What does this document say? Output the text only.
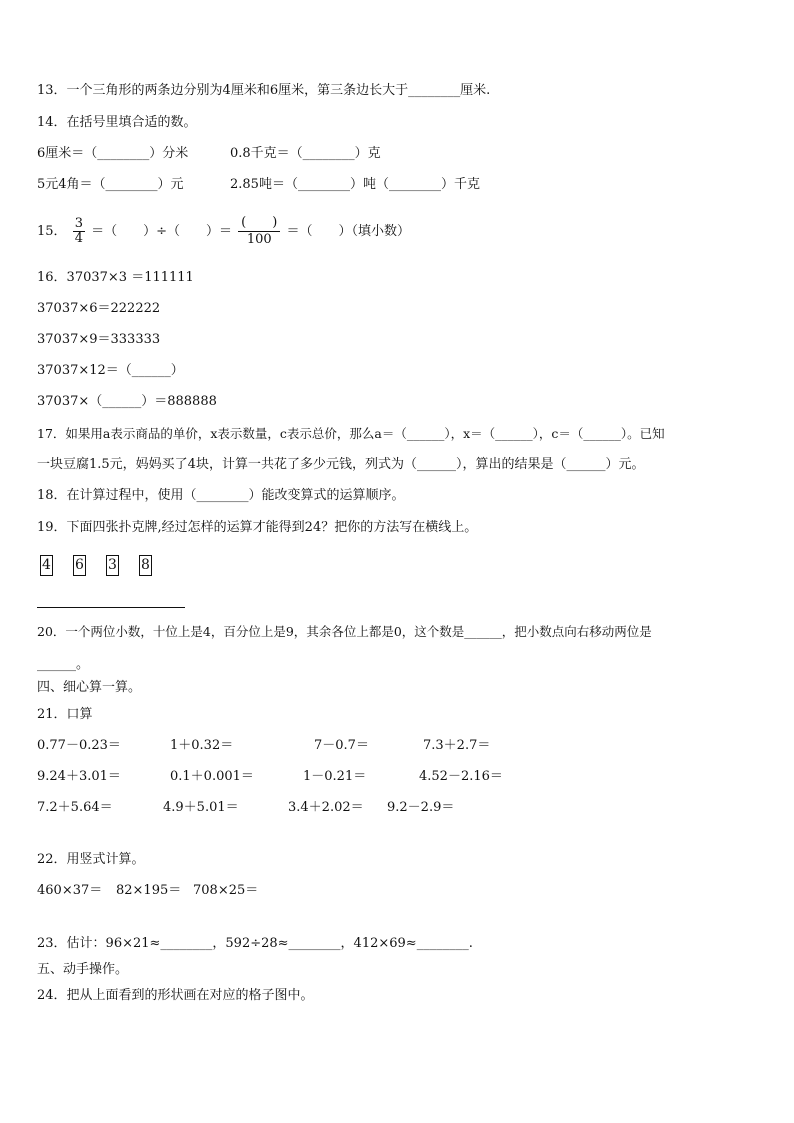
13．一个三角形的两条边分别为4厘米和6厘米，第三条边长大于________厘米.
14．在括号里填合适的数。
6厘米＝（________）分米	0.8千克＝（________）克
5元4角＝（________）元	2.85吨＝（________）吨（________）千克
15． $\frac{3}{4}$ ＝（　　）÷（　　）＝ $\frac{( )}{100}$ ＝（　　）（填小数）
16．37037×3 ＝111111
37037×6＝222222
37037×9＝333333
37037×12＝（______）
37037×（______）＝888888
17．如果用a表示商品的单价，x表示数量，c表示总价，那么a＝（______），x＝（______），c＝（______）。已知
一块豆腐1.5元，妈妈买了4块，计算一共花了多少元钱，列式为（______），算出的结果是（______）元。
18．在计算过程中，使用（________）能改变算式的运算顺序。
19．下面四张扑克牌,经过怎样的运算才能得到24？把你的方法写在横线上。
4 6 3 8
20．一个两位小数，十位上是4，百分位上是9，其余各位上都是0，这个数是______，把小数点向右移动两位是
______。
四、细心算一算。
21．口算
0.77－0.23＝	1＋0.32＝	7－0.7＝	7.3＋2.7＝
9.24＋3.01＝	0.1＋0.001＝	1－0.21＝	4.52－2.16＝
7.2＋5.64＝	4.9＋5.01＝	3.4＋2.02＝ 9.2－2.9＝
22．用竖式计算。
460×37＝ 82×195＝ 708×25＝
23．估计：96×21≈________，592÷28≈________，412×69≈________.
五、动手操作。
24．把从上面看到的形状画在对应的格子图中。
